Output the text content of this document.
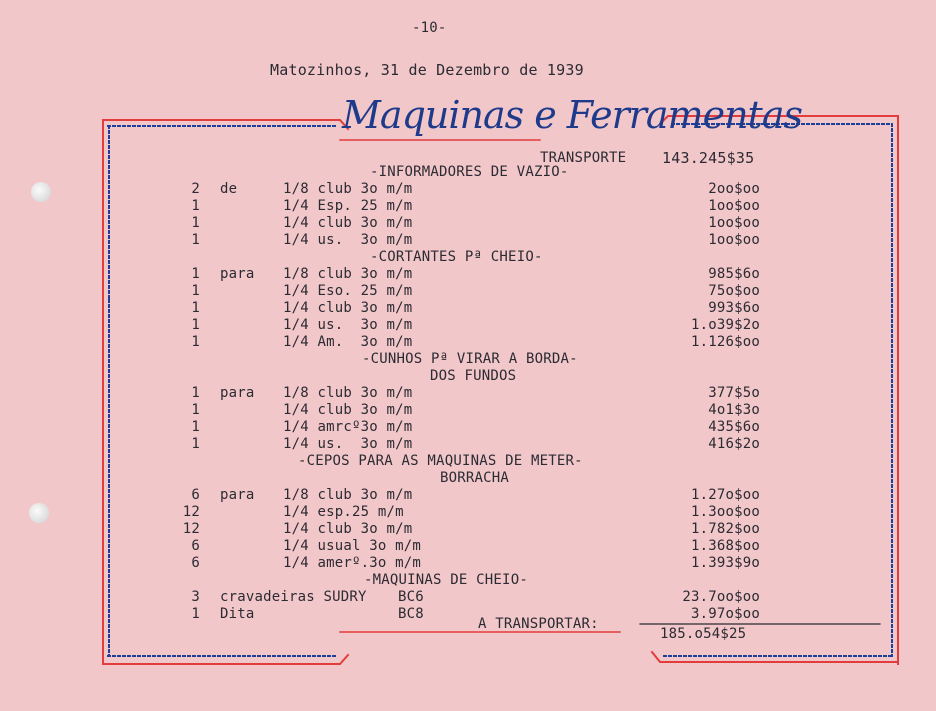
-10-
Matozinhos, 31 de Dezembro de 1939
Maquinas e Ferramentas
TRANSPORTE 143.245$35
-INFORMADORES DE VAZIO-
2 de	1/8 club 3o m/m	2oo$oo
1	1/4 Esp. 25 m/m	1oo$oo
1	1/4 club 3o m/m	1oo$oo
1	1/4 us.  3o m/m	1oo$oo
-CORTANTES Pª CHEIO-
1 para 1/8 club 3o m/m	985$6o
1	1/4 Eso. 25 m/m	75o$oo
1	1/4 club 3o m/m	993$6o
1	1/4 us.  3o m/m	1.o39$2o
1	1/4 Am.  3o m/m	1.126$oo
-CUNHOS Pª VIRAR A BORDA-
DOS FUNDOS
1 para 1/8 club 3o m/m	377$5o
1	1/4 club 3o m/m	4o1$3o
1	1/4 amrcº3o m/m	435$6o
1	1/4 us.  3o m/m	416$2o
-CEPOS PARA AS MAQUINAS DE METER-
BORRACHA
6 para 1/8 club 3o m/m	1.27o$oo
12	1/4 esp.25 m/m	1.3oo$oo
12	1/4 club 3o m/m	1.782$oo
6	1/4 usual 3o m/m	1.368$oo
6	1/4 amerº.3o m/m	1.393$9o
-MAQUINAS DE CHEIO-
3 cravadeiras SUDRY BC6	23.7oo$oo
1 Dita	BC8	3.97o$oo
A TRANSPORTAR:
185.o54$25
